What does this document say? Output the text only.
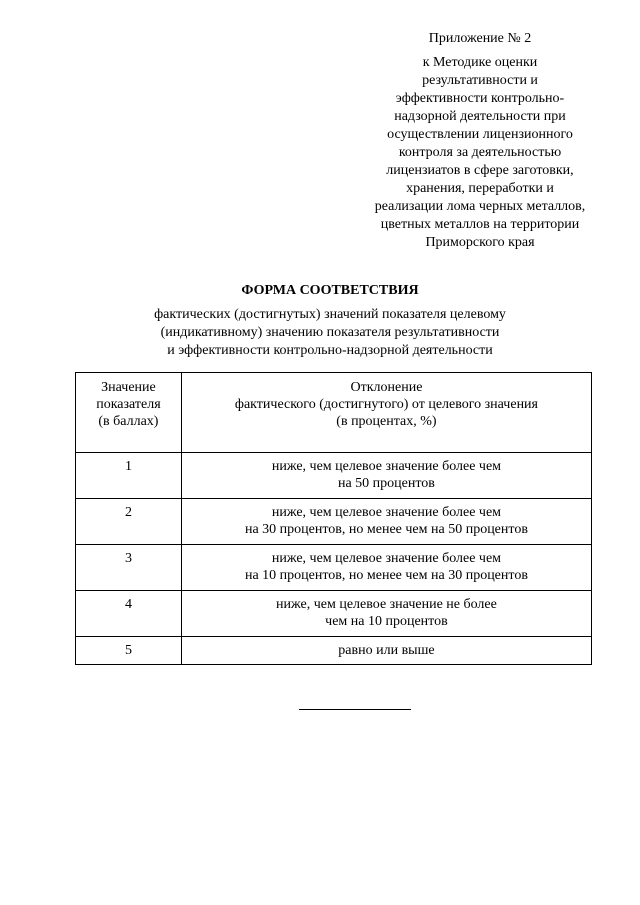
Приложение № 2
к Методике оценки
результативности и
эффективности контрольно-
надзорной деятельности при
осуществлении лицензионного
контроля за деятельностью
лицензиатов в сфере заготовки,
хранения, переработки и
реализации лома черных металлов,
цветных металлов на территории
Приморского края
ФОРМА СООТВЕТСТВИЯ
фактических (достигнутых) значений показателя целевому
(индикативному) значению показателя результативности
и эффективности контрольно-надзорной деятельности
Значение
показателя
(в баллах)	Отклонение
фактического (достигнутого) от целевого значения
(в процентах, %)

1	ниже, чем целевое значение более чем
на 50 процентов

2	ниже, чем целевое значение более чем
на 30 процентов, но менее чем на 50 процентов

3	ниже, чем целевое значение более чем
на 10 процентов, но менее чем на 30 процентов

4	ниже, чем целевое значение не более
чем на 10 процентов

5	равно или выше
